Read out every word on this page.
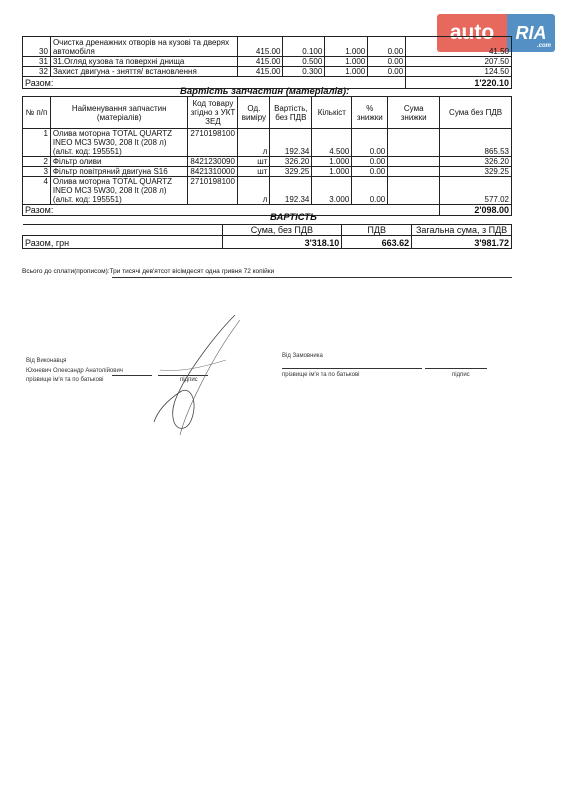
auto	RIA
.com
30	Очистка дренажних отворів на кузові та дверях автомобіля	415.00	0.100	1.000	0.00	41.50
31	31.Огляд кузова та поверхні днища	415.00	0.500	1.000	0.00	207.50
32	Захист двигуна - зняття/ встановлення	415.00	0.300	1.000	0.00	124.50
Разом:						1'220.10
Вартість запчастин (матеріалів):
№ п/п	Найменування запчастин (матеріалів)	Код товару згідно з УКТ ЗЕД	Од. виміру	Вартість, без ПДВ	Кількіст	% знижки	Сума знижки	Сума без ПДВ
1	Олива моторна TOTAL QUARTZ INEO MC3 5W30, 208 lt (208 л) (альт. код: 195551)	2710198100	л	192.34	4.500	0.00		865.53
2	Фільтр оливи	8421230090	шт	326.20	1.000	0.00		326.20
3	Фільтр повітряний двигуна S16	8421310000	шт	329.25	1.000	0.00		329.25
4	Олива моторна TOTAL QUARTZ INEO MC3 5W30, 208 lt (208 л) (альт. код: 195551)	2710198100	л	192.34	3.000	0.00		577.02
Разом:								2'098.00
ВАРТІСТЬ
	Сума, без ПДВ	ПДВ	Загальна сума, з ПДВ
Разом, грн	3'318.10	663.62	3'981.72
Всього до сплати(прописом):Три тисячі дев'ятсот вісімдесят одна гривня 72 копійки
Від Виконавця
Юхневич Олександр Анатолійович
прізвище ім'я та по батькові	підпис
Від Замовника
прізвище ім'я та по батькові	підпис
